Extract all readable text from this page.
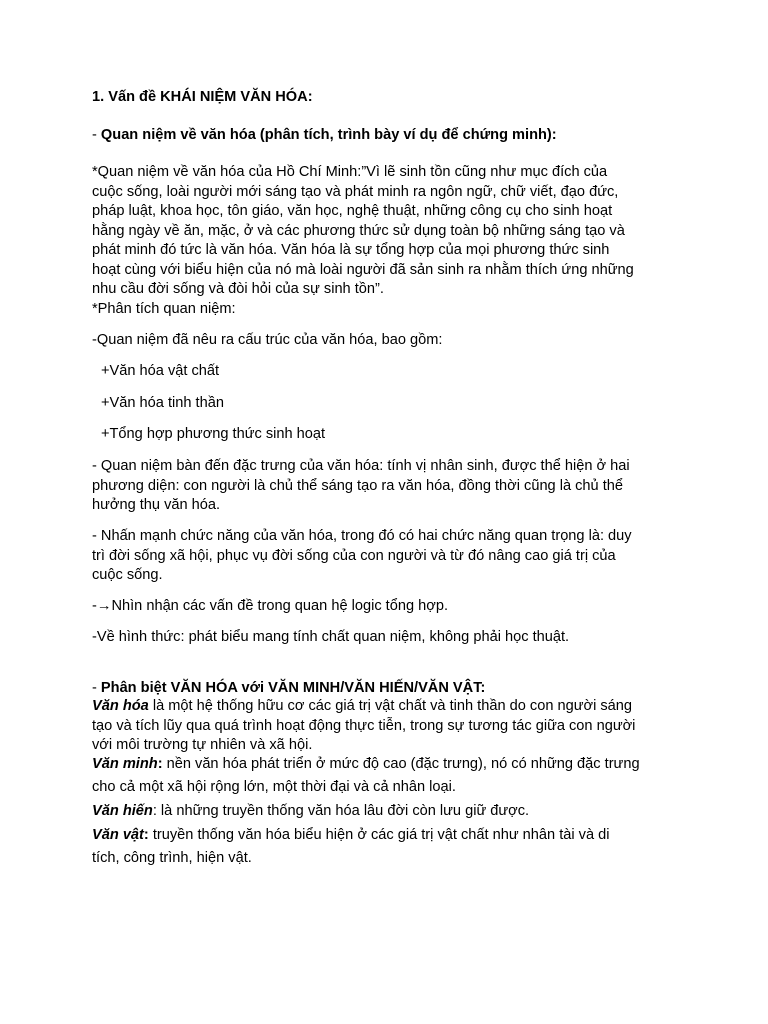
1. Vấn đề KHÁI NIỆM VĂN HÓA:
- Quan niệm về văn hóa (phân tích, trình bày ví dụ để chứng minh):
*Quan niệm về văn hóa của Hồ Chí Minh:”Vì lẽ sinh tồn cũng như mục đích của
cuộc sống, loài người mới sáng tạo và phát minh ra ngôn ngữ, chữ viết, đạo đức,
pháp luật, khoa học, tôn giáo, văn học, nghệ thuật, những công cụ cho sinh hoạt
hằng ngày về ăn, mặc, ở và các phương thức sử dụng toàn bộ những sáng tạo và
phát minh đó tức là văn hóa. Văn hóa là sự tổng hợp của mọi phương thức sinh
hoạt cùng với biểu hiện của nó mà loài người đã sản sinh ra nhằm thích ứng những
nhu cầu đời sống và đòi hỏi của sự sinh tồn”.
*Phân tích quan niệm:
-Quan niệm đã nêu ra cấu trúc của văn hóa, bao gồm:
+Văn hóa vật chất
+Văn hóa tinh thần
+Tổng hợp phương thức sinh hoạt
- Quan niệm bàn đến đặc trưng của văn hóa: tính vị nhân sinh, được thể hiện ở hai
phương diện: con người là chủ thể sáng tạo ra văn hóa, đồng thời cũng là chủ thể
hưởng thụ văn hóa.
- Nhấn mạnh chức năng của văn hóa, trong đó có hai chức năng quan trọng là: duy
trì đời sống xã hội, phục vụ đời sống của con người và từ đó nâng cao giá trị của
cuộc sống.
-→Nhìn nhận các vấn đề trong quan hệ logic tổng hợp.
-Về hình thức: phát biểu mang tính chất quan niệm, không phải học thuật.
- Phân biệt VĂN HÓA với VĂN MINH/VĂN HIẾN/VĂN VẬT:
Văn hóa là một hệ thống hữu cơ các giá trị vật chất và tinh thần do con người sáng
tạo và tích lũy qua quá trình hoạt động thực tiễn, trong sự tương tác giữa con người
với môi trường tự nhiên và xã hội.
Văn minh: nền văn hóa phát triển ở mức độ cao (đặc trưng), nó có những đặc trưng
cho cả một xã hội rộng lớn, một thời đại và cả nhân loại.
Văn hiến: là những truyền thống văn hóa lâu đời còn lưu giữ được.
Văn vật: truyền thống văn hóa biểu hiện ở các giá trị vật chất như nhân tài và di
tích, công trình, hiện vật.
